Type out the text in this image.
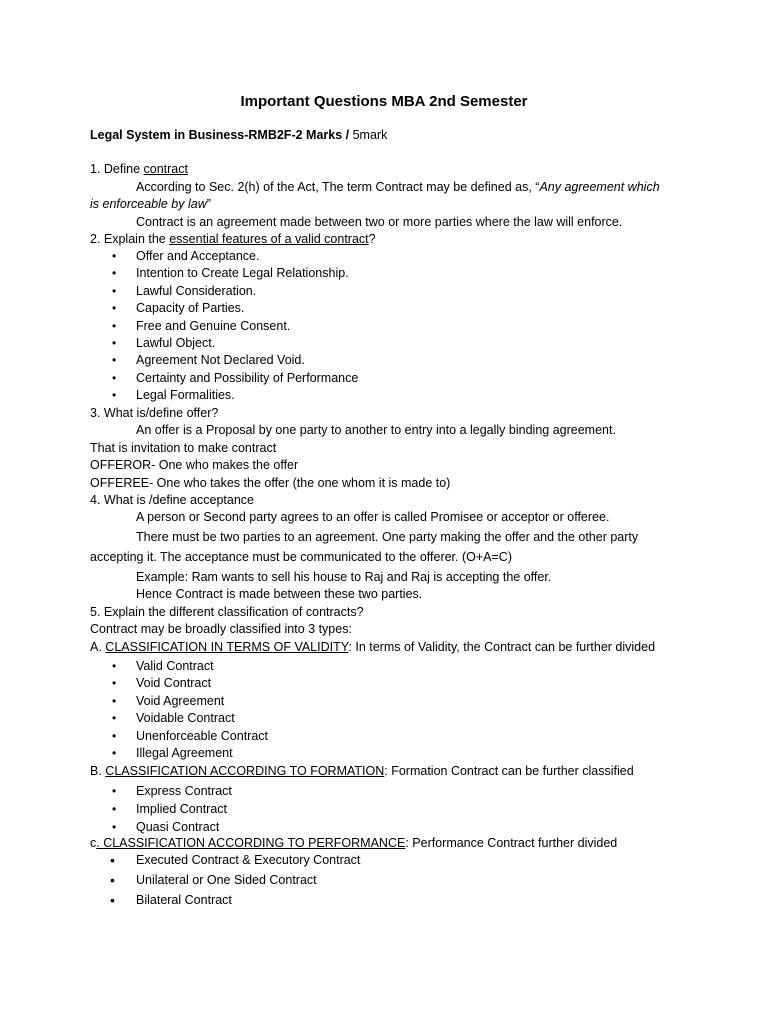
Important Questions MBA 2nd Semester
Legal System in Business-RMB2F-2 Marks / 5mark
1. Define contract
According to Sec. 2(h) of the Act, The term Contract may be defined as, “Any agreement which
is enforceable by law”
Contract is an agreement made between two or more parties where the law will enforce.
2. Explain the essential features of a valid contract?
• Offer and Acceptance.
• Intention to Create Legal Relationship.
• Lawful Consideration.
• Capacity of Parties.
• Free and Genuine Consent.
• Lawful Object.
• Agreement Not Declared Void.
• Certainty and Possibility of Performance
• Legal Formalities.
3. What is/define offer?
An offer is a Proposal by one party to another to entry into a legally binding agreement.
That is invitation to make contract
OFFEROR- One who makes the offer
OFFEREE- One who takes the offer (the one whom it is made to)
4. What is /define acceptance
A person or Second party agrees to an offer is called Promisee or acceptor or offeree.
There must be two parties to an agreement. One party making the offer and the other party
accepting it. The acceptance must be communicated to the offerer. (O+A=C)
Example: Ram wants to sell his house to Raj and Raj is accepting the offer.
Hence Contract is made between these two parties.
5. Explain the different classification of contracts?
Contract may be broadly classified into 3 types:
A. CLASSIFICATION IN TERMS OF VALIDITY: In terms of Validity, the Contract can be further divided
• Valid Contract
• Void Contract
• Void Agreement
• Voidable Contract
• Unenforceable Contract
• Illegal Agreement
B. CLASSIFICATION ACCORDING TO FORMATION: Formation Contract can be further classified
• Express Contract
• Implied Contract
• Quasi Contract
c. CLASSIFICATION ACCORDING TO PERFORMANCE: Performance Contract further divided
• Executed Contract & Executory Contract
• Unilateral or One Sided Contract
• Bilateral Contract
